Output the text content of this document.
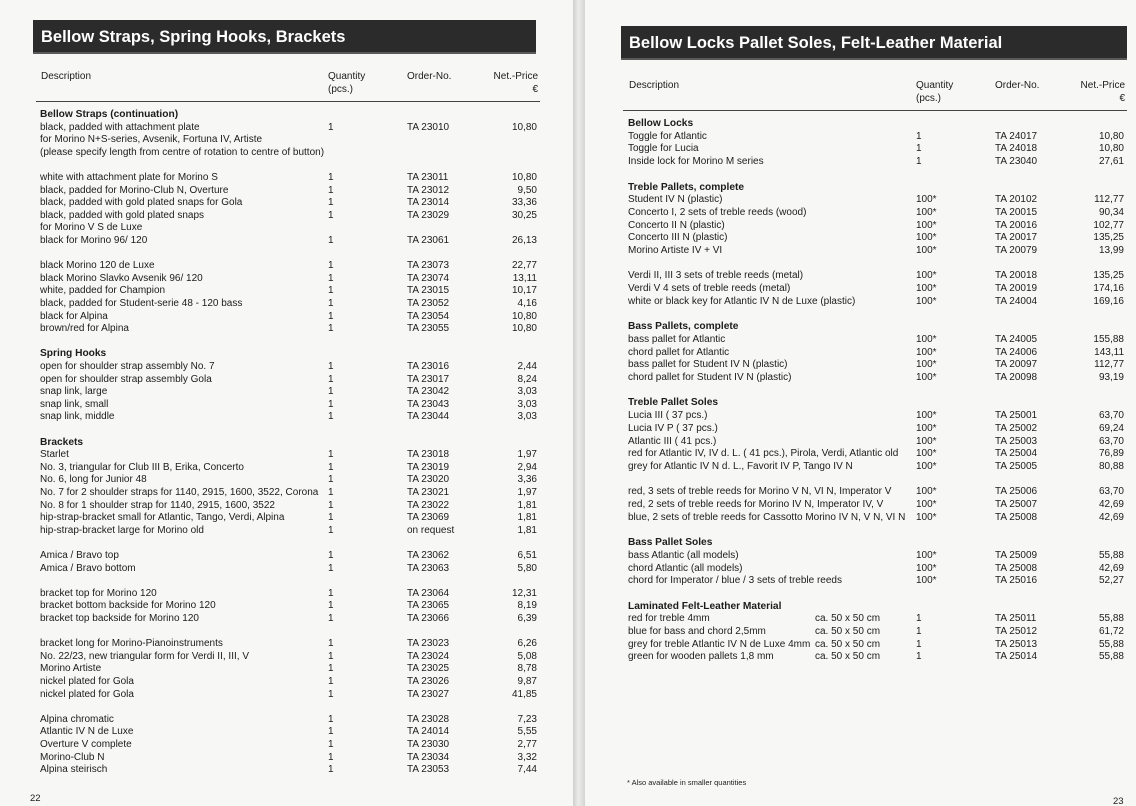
Bellow Straps, Spring Hooks, Brackets
Description	Quantity
(pcs.)
Order-No.	Net.-Price
€
Bellow Straps (continuation)
black, padded with attachment plate	1	TA 23010	10,80
for Morino N+S-series, Avsenik, Fortuna IV, Artiste
(please specify length from centre of rotation to centre of button)
white with attachment plate for Morino S	1	TA 23011	10,80
black, padded for Morino-Club N, Overture	1	TA 23012	9,50
black, padded with gold plated snaps for Gola	1	TA 23014	33,36
black, padded with gold plated snaps	1	TA 23029	30,25
for Morino V S de Luxe
black for Morino 96/ 120	1	TA 23061	26,13
black Morino 120 de Luxe	1	TA 23073	22,77
black Morino Slavko Avsenik 96/ 120	1	TA 23074	13,11
white, padded for Champion	1	TA 23015	10,17
black, padded for Student-serie 48 - 120 bass	1	TA 23052	4,16
black for Alpina	1	TA 23054	10,80
brown/red for Alpina	1	TA 23055	10,80
Spring Hooks
open for shoulder strap assembly No. 7	1	TA 23016	2,44
open for shoulder strap assembly Gola	1	TA 23017	8,24
snap link, large	1	TA 23042	3,03
snap link, small	1	TA 23043	3,03
snap link, middle	1	TA 23044	3,03
Brackets
Starlet	1	TA 23018	1,97
No. 3, triangular for Club III B, Erika, Concerto	1	TA 23019	2,94
No. 6, long for Junior 48	1	TA 23020	3,36
No. 7 for 2 shoulder straps for 1140, 2915, 1600, 3522, Corona 1	TA 23021	1,97
No. 8 for 1 shoulder strap for 1140, 2915, 1600, 3522	1	TA 23022	1,81
hip-strap-bracket small for Atlantic, Tango, Verdi, Alpina	1	TA 23069	1,81
hip-strap-bracket large for Morino old	1	on request	1,81
Amica / Bravo top	1	TA 23062	6,51
Amica / Bravo bottom	1	TA 23063	5,80
bracket top for Morino 120	1	TA 23064	12,31
bracket bottom backside for Morino 120	1	TA 23065	8,19
bracket top backside for Morino 120	1	TA 23066	6,39
bracket long for Morino-Pianoinstruments	1	TA 23023	6,26
No. 22/23, new triangular form for Verdi II, III, V	1	TA 23024	5,08
Morino Artiste	1	TA 23025	8,78
nickel plated for Gola	1	TA 23026	9,87
nickel plated for Gola	1	TA 23027	41,85
Alpina chromatic	1	TA 23028	7,23
Atlantic IV N de Luxe	1	TA 24014	5,55
Overture V complete	1	TA 23030	2,77
Morino-Club N	1	TA 23034	3,32
Alpina steirisch	1	TA 23053	7,44
22
Bellow Locks Pallet Soles, Felt-Leather Material
Quantity
Description
(pcs.)
Order-No.	Net.-Price
€
Bellow Locks
Toggle for Atlantic	1	TA 24017	10,80
Toggle for Lucia	1	TA 24018	10,80
Inside lock for Morino M series	1	TA 23040	27,61
Treble Pallets, complete
Student IV N (plastic)	100*	TA 20102	112,77
Concerto I, 2 sets of treble reeds (wood)	100*	TA 20015	90,34
Concerto II N (plastic)	100*	TA 20016	102,77
Concerto III N (plastic)	100*	TA 20017	135,25
Morino Artiste IV + VI	100*	TA 20079	13,99
Verdi II, III 3 sets of treble reeds (metal)	100*	TA 20018	135,25
Verdi V 4 sets of treble reeds (metal)	100*	TA 20019	174,16
white or black key for Atlantic IV N de Luxe (plastic)	100*	TA 24004	169,16
Bass Pallets, complete
bass pallet for Atlantic	100*	TA 24005	155,88
chord pallet for Atlantic	100*	TA 24006	143,11
bass pallet for Student IV N (plastic)	100*	TA 20097	112,77
chord pallet for Student IV N (plastic)	100*	TA 20098	93,19
Treble Pallet Soles
Lucia III ( 37 pcs.)	100*	TA 25001	63,70
Lucia IV P ( 37 pcs.)	100*	TA 25002	69,24
Atlantic III ( 41 pcs.)	100*	TA 25003	63,70
red for Atlantic IV, IV d. L. ( 41 pcs.), Pirola, Verdi, Atlantic old 100*	TA 25004	76,89
grey for Atlantic IV N d. L., Favorit IV P, Tango IV N	100*	TA 25005	80,88
red, 3 sets of treble reeds for Morino V N, VI N, Imperator V 100*	TA 25006	63,70
red, 2 sets of treble reeds for Morino IV N, Imperator IV, V	100*	TA 25007	42,69
blue, 2 sets of treble reeds for Cassotto Morino IV N, V N, VI N 100*	TA 25008	42,69
Bass Pallet Soles
bass Atlantic (all models)	100*	TA 25009	55,88
chord Atlantic (all models)	100*	TA 25008	42,69
chord for Imperator / blue / 3 sets of treble reeds	100*	TA 25016	52,27
Laminated Felt-Leather Material
red for treble 4mm	ca. 50 x 50 cm	1	TA 25011	55,88
blue for bass and chord 2,5mm	ca. 50 x 50 cm	1	TA 25012	61,72
grey for treble Atlantic IV N de Luxe 4mm ca. 50 x 50 cm	1	TA 25013	55,88
green for wooden pallets 1,8 mm	ca. 50 x 50 cm	1	TA 25014	55,88
* Also available in smaller quantities
23
